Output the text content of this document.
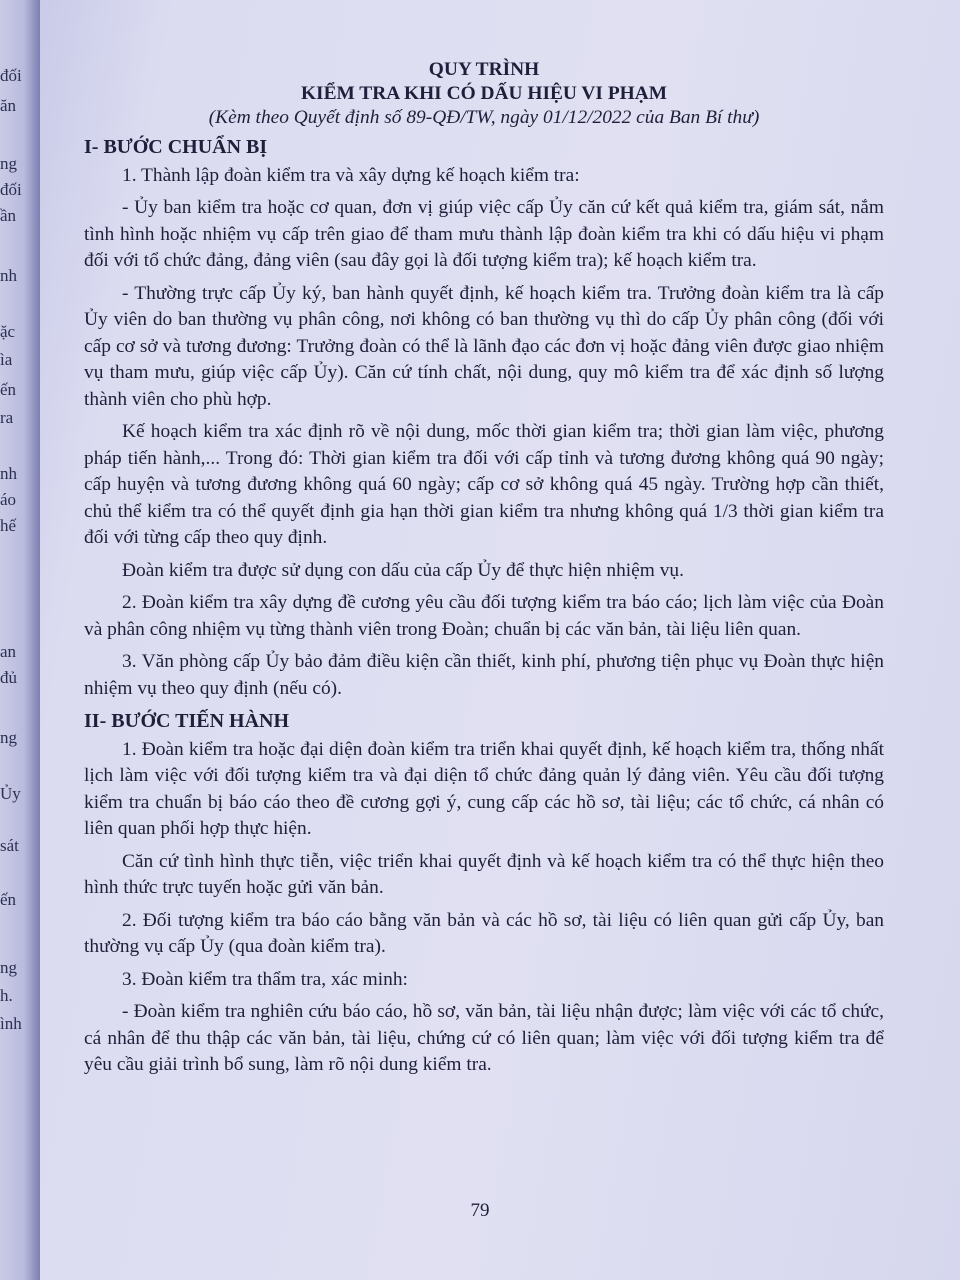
đối
ăn
ng
đối
ần
nh
ặc
ìa
ến
ra
nh
áo
hế
an
đủ
ng
Ủy
sát
ến
ng
h.
ình
QUY TRÌNH
KIỂM TRA KHI CÓ DẤU HIỆU VI PHẠM
(Kèm theo Quyết định số 89-QĐ/TW, ngày 01/12/2022 của Ban Bí thư)
I- BƯỚC CHUẨN BỊ

1. Thành lập đoàn kiểm tra và xây dựng kế hoạch kiểm tra:

- Ủy ban kiểm tra hoặc cơ quan, đơn vị giúp việc cấp Ủy căn cứ kết quả kiểm tra, giám sát, nắm tình hình hoặc nhiệm vụ cấp trên giao để tham mưu thành lập đoàn kiểm tra khi có dấu hiệu vi phạm đối với tổ chức đảng, đảng viên (sau đây gọi là đối tượng kiểm tra); kế hoạch kiểm tra.

- Thường trực cấp Ủy ký, ban hành quyết định, kế hoạch kiểm tra. Trưởng đoàn kiểm tra là cấp Ủy viên do ban thường vụ phân công, nơi không có ban thường vụ thì do cấp Ủy phân công (đối với cấp cơ sở và tương đương: Trưởng đoàn có thể là lãnh đạo các đơn vị hoặc đảng viên được giao nhiệm vụ tham mưu, giúp việc cấp Ủy). Căn cứ tính chất, nội dung, quy mô kiểm tra để xác định số lượng thành viên cho phù hợp.

Kế hoạch kiểm tra xác định rõ về nội dung, mốc thời gian kiểm tra; thời gian làm việc, phương pháp tiến hành,... Trong đó: Thời gian kiểm tra đối với cấp tỉnh và tương đương không quá 90 ngày; cấp huyện và tương đương không quá 60 ngày; cấp cơ sở không quá 45 ngày. Trường hợp cần thiết, chủ thể kiểm tra có thể quyết định gia hạn thời gian kiểm tra nhưng không quá 1/3 thời gian kiểm tra đối với từng cấp theo quy định.

Đoàn kiểm tra được sử dụng con dấu của cấp Ủy để thực hiện nhiệm vụ.

2. Đoàn kiểm tra xây dựng đề cương yêu cầu đối tượng kiểm tra báo cáo; lịch làm việc của Đoàn và phân công nhiệm vụ từng thành viên trong Đoàn; chuẩn bị các văn bản, tài liệu liên quan.

3. Văn phòng cấp Ủy bảo đảm điều kiện cần thiết, kinh phí, phương tiện phục vụ Đoàn thực hiện nhiệm vụ theo quy định (nếu có).

II- BƯỚC TIẾN HÀNH

1. Đoàn kiểm tra hoặc đại diện đoàn kiểm tra triển khai quyết định, kế hoạch kiểm tra, thống nhất lịch làm việc với đối tượng kiểm tra và đại diện tổ chức đảng quản lý đảng viên. Yêu cầu đối tượng kiểm tra chuẩn bị báo cáo theo đề cương gợi ý, cung cấp các hồ sơ, tài liệu; các tổ chức, cá nhân có liên quan phối hợp thực hiện.

Căn cứ tình hình thực tiễn, việc triển khai quyết định và kế hoạch kiểm tra có thể thực hiện theo hình thức trực tuyến hoặc gửi văn bản.

2. Đối tượng kiểm tra báo cáo bằng văn bản và các hồ sơ, tài liệu có liên quan gửi cấp Ủy, ban thường vụ cấp Ủy (qua đoàn kiểm tra).

3. Đoàn kiểm tra thẩm tra, xác minh:

- Đoàn kiểm tra nghiên cứu báo cáo, hồ sơ, văn bản, tài liệu nhận được; làm việc với các tổ chức, cá nhân để thu thập các văn bản, tài liệu, chứng cứ có liên quan; làm việc với đối tượng kiểm tra để yêu cầu giải trình bổ sung, làm rõ nội dung kiểm tra.

79
